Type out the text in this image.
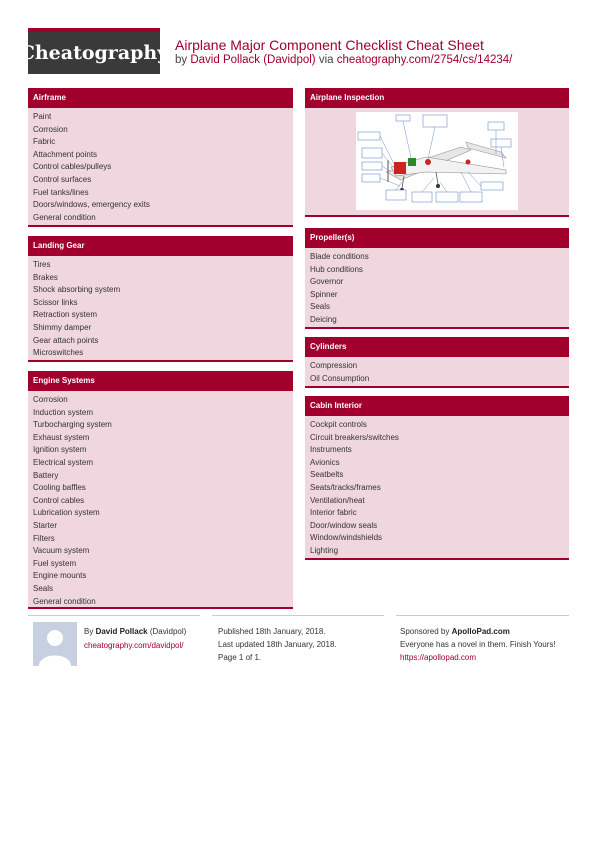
Cheatography Airplane Major Component Checklist Cheat Sheet
by David Pollack (Davidpol) via cheatography.com/2754/cs/14234/
Airframe
Paint
Corrosion
Fabric
Attachment points
Control cables/pulleys
Control surfaces
Fuel tanks/lines
Doors/windows, emergency exits
General condition
Landing Gear
Tires
Brakes
Shock absorbing system
Scissor links
Retraction system
Shimmy damper
Gear attach points
Microswitches
Engine Systems
Corrosion
Induction system
Turbocharging system
Exhaust system
Ignition system
Electrical system
Battery
Cooling baffles
Control cables
Lubrication system
Starter
Filters
Vacuum system
Fuel system
Engine mounts
Seals
General condition
Airplane Inspection
Propeller(s)
Blade conditions
Hub conditions
Governor
Spinner
Seals
Deicing
Cylinders
Compression
Oil Consumption
Cabin Interior
Cockpit controls
Circuit breakers/switches
Instruments
Avionics
Seatbelts
Seats/tracks/frames
Ventilation/heat
Interior fabric
Door/window seals
Window/windshields
Lighting
By David Pollack (Davidpol)
cheatography.com/davidpol/
Published 18th January, 2018.
Last updated 18th January, 2018.
Page 1 of 1.
Sponsored by ApolloPad.com
Everyone has a novel in them. Finish Yours!
https://apollopad.com
